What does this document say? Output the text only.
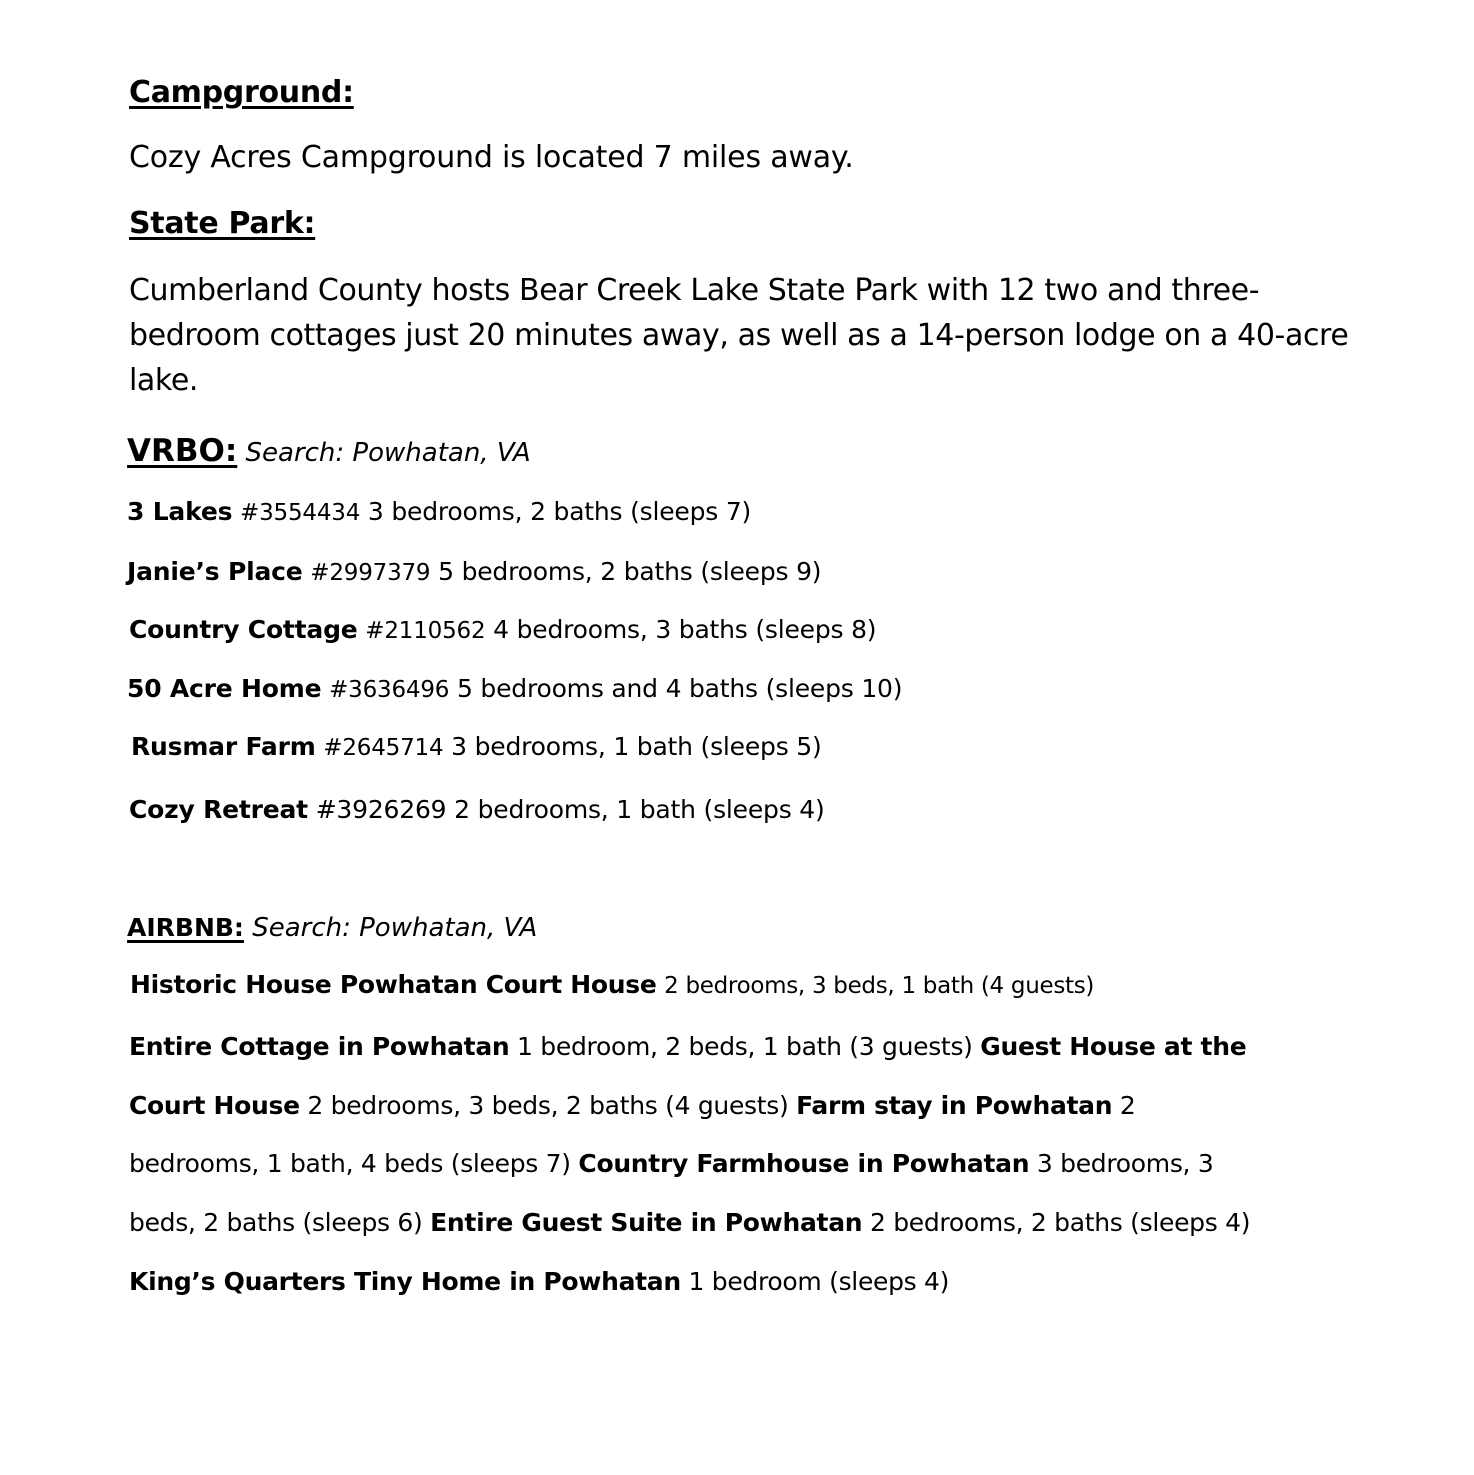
Campground:
Cozy Acres Campground is located 7 miles away.
State Park:
Cumberland County hosts Bear Creek Lake State Park with 12 two and three-bedroom cottages just 20 minutes away, as well as a 14-person lodge on a 40-acre lake.
VRBO: Search: Powhatan, VA
3 Lakes #3554434 3 bedrooms, 2 baths (sleeps 7)
Janie’s Place #2997379 5 bedrooms, 2 baths (sleeps 9)
Country Cottage #2110562 4 bedrooms, 3 baths (sleeps 8)
50 Acre Home #3636496 5 bedrooms and 4 baths (sleeps 10)
Rusmar Farm #2645714 3 bedrooms, 1 bath (sleeps 5)
Cozy Retreat #3926269 2 bedrooms, 1 bath (sleeps 4)
AIRBNB: Search: Powhatan, VA
Historic House Powhatan Court House 2 bedrooms, 3 beds, 1 bath (4 guests)
Entire Cottage in Powhatan 1 bedroom, 2 beds, 1 bath (3 guests) Guest House at the Court House 2 bedrooms, 3 beds, 2 baths (4 guests) Farm stay in Powhatan 2 bedrooms, 1 bath, 4 beds (sleeps 7) Country Farmhouse in Powhatan 3 bedrooms, 3 beds, 2 baths (sleeps 6) Entire Guest Suite in Powhatan 2 bedrooms, 2 baths (sleeps 4) King’s Quarters Tiny Home in Powhatan 1 bedroom (sleeps 4)
